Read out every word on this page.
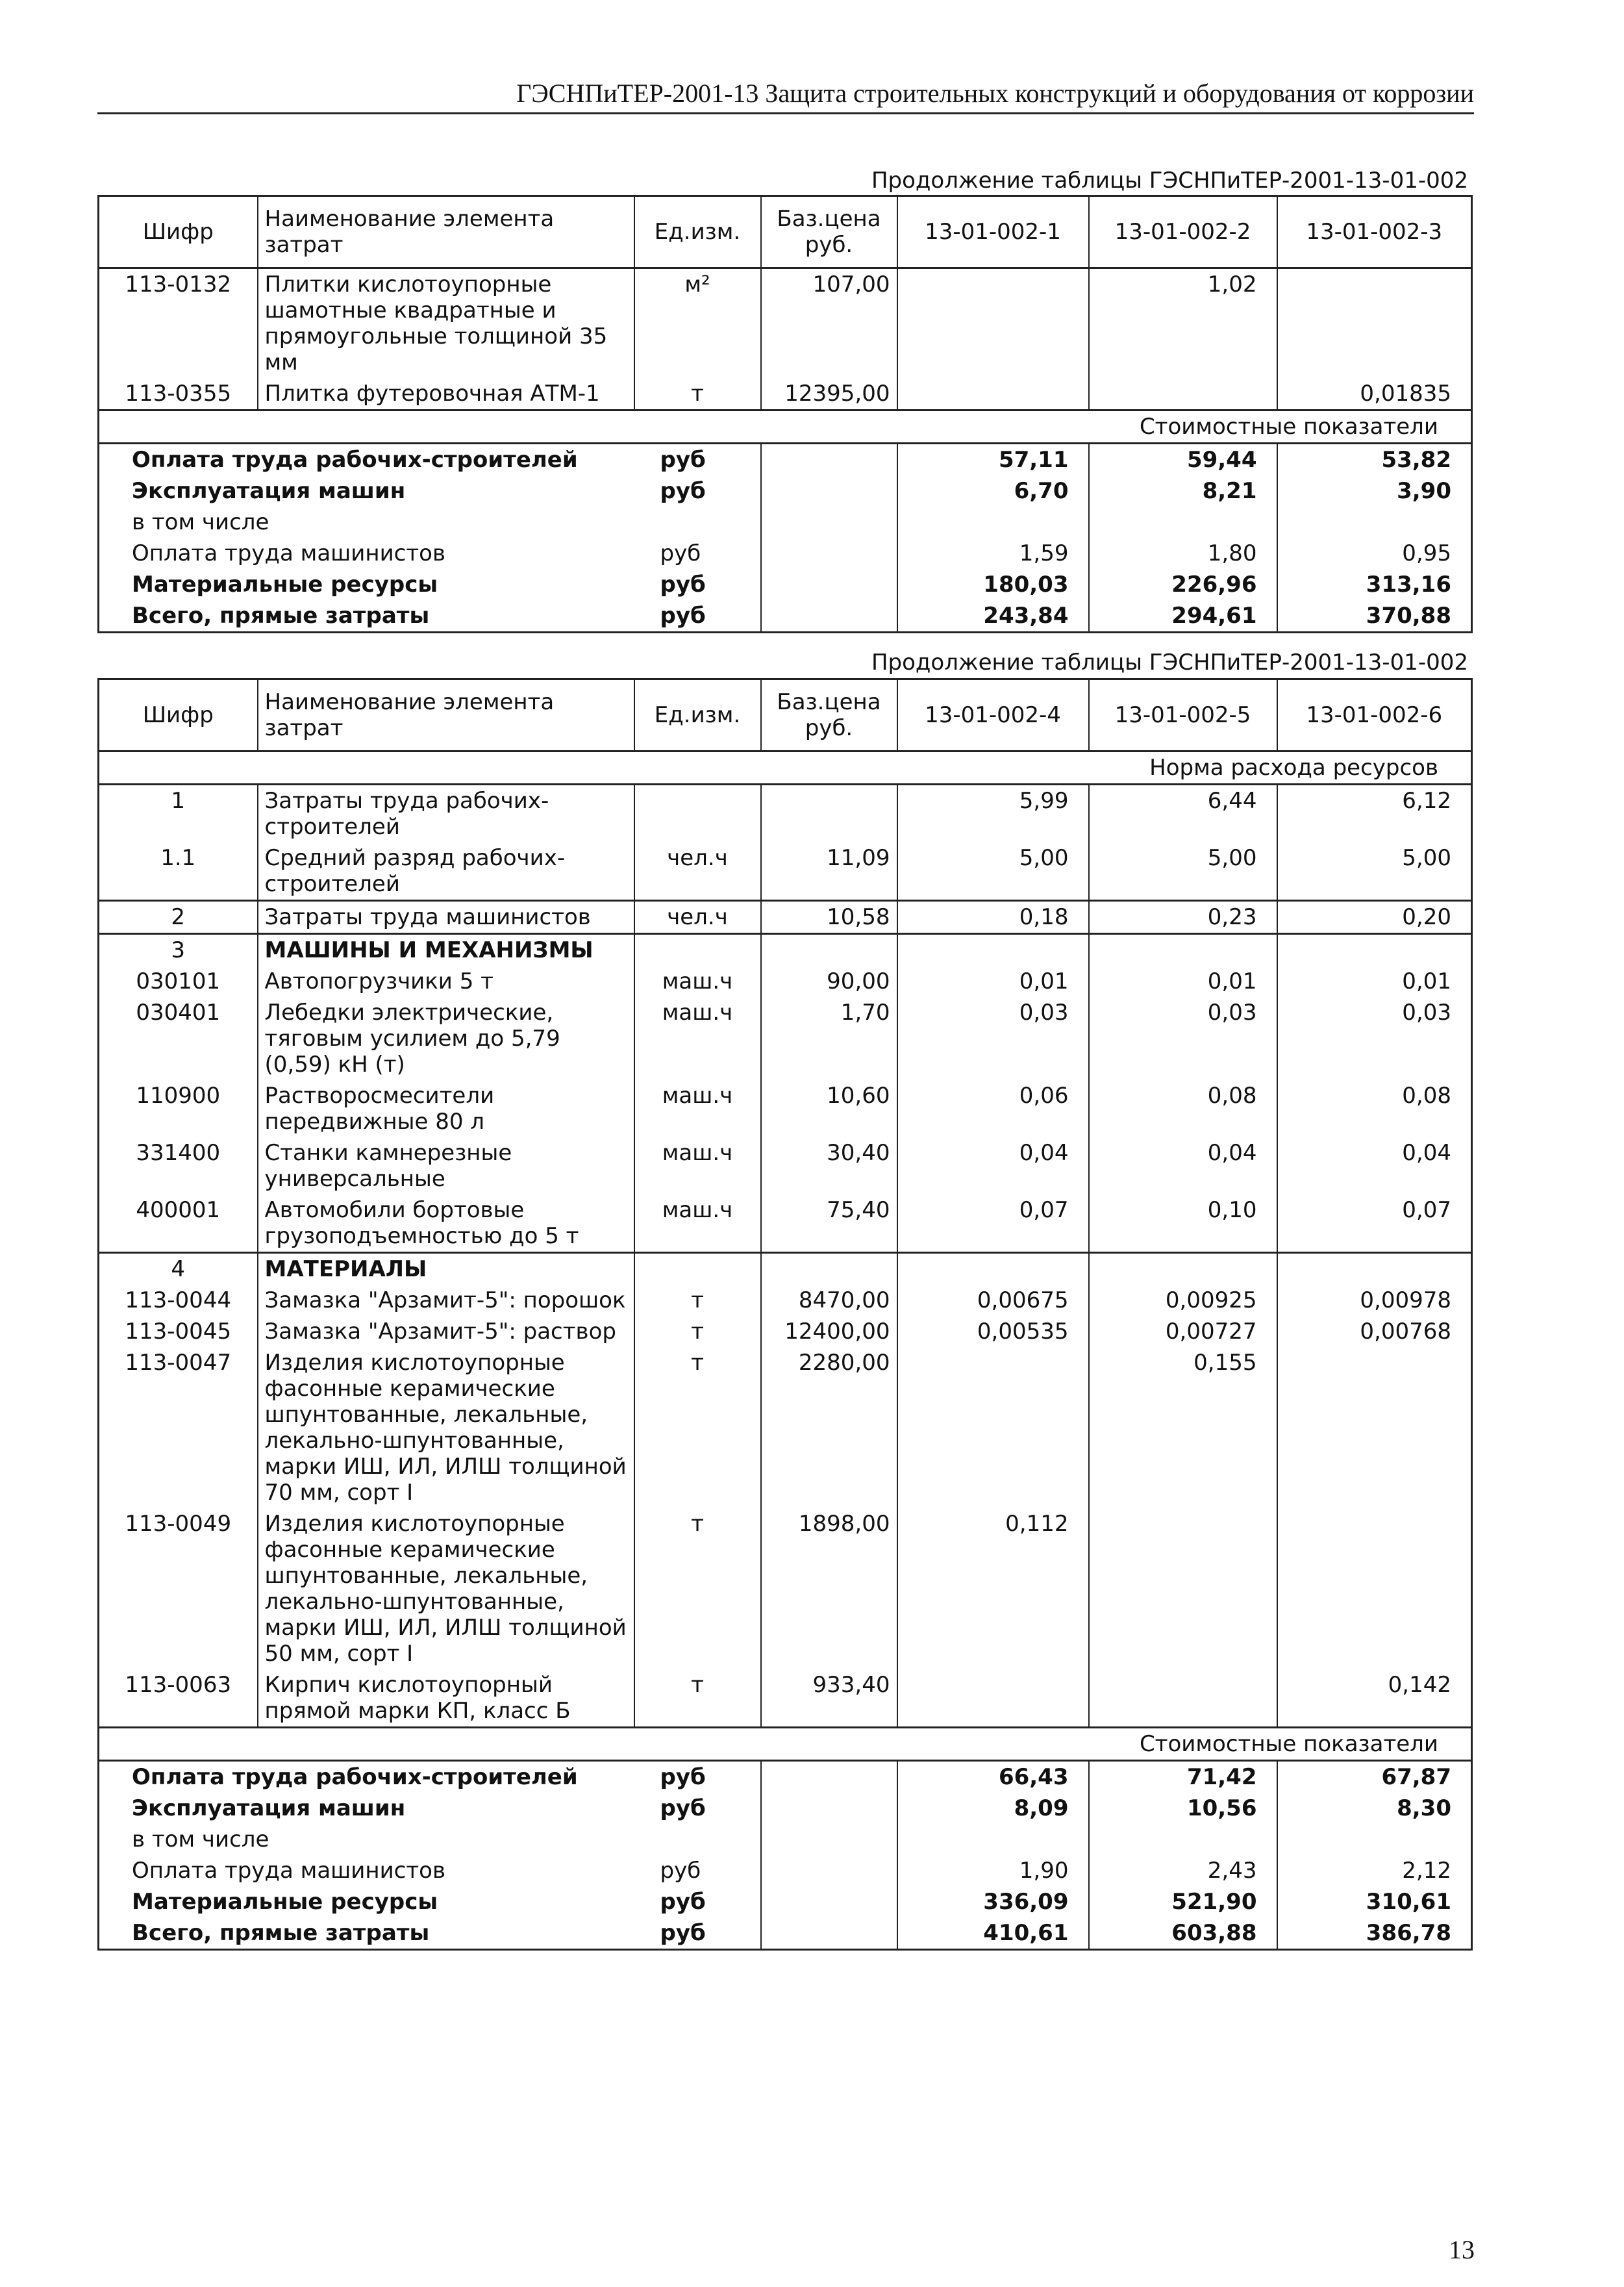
ГЭСНПиТЕР-2001-13 Защита строительных конструкций и оборудования от коррозии
Продолжение таблицы ГЭСНПиТЕР-2001-13-01-002
Шифр	Наименование элемента затрат	Ед.изм.	Баз.цена руб.	13-01-002-1	13-01-002-2	13-01-002-3
113-0132	Плитки кислотоупорные шамотные квадратные и прямоугольные толщиной 35 мм	м²	107,00		1,02	
113-0355	Плитка футеровочная АТМ-1	т	12395,00			0,01835
Стоимостные показатели						
Оплата труда рабочих-строителей		руб		57,11	59,44	53,82
Эксплуатация машин		руб		6,70	8,21	3,90
в том числе						
Оплата труда машинистов		руб		1,59	1,80	0,95
Материальные ресурсы		руб		180,03	226,96	313,16
Всего, прямые затраты		руб		243,84	294,61	370,88
Продолжение таблицы ГЭСНПиТЕР-2001-13-01-002
Шифр	Наименование элемента затрат	Ед.изм.	Баз.цена руб.	13-01-002-4	13-01-002-5	13-01-002-6
Норма расхода ресурсов						
1	Затраты труда рабочих-строителей			5,99	6,44	6,12
1.1	Средний разряд рабочих-строителей	чел.ч	11,09	5,00	5,00	5,00
2	Затраты труда машинистов	чел.ч	10,58	0,18	0,23	0,20
3	МАШИНЫ И МЕХАНИЗМЫ					
030101	Автопогрузчики 5 т	маш.ч	90,00	0,01	0,01	0,01
030401	Лебедки электрические, тяговым усилием до 5,79 (0,59) кН (т)	маш.ч	1,70	0,03	0,03	0,03
110900	Растворосмесители передвижные 80 л	маш.ч	10,60	0,06	0,08	0,08
331400	Станки камнерезные универсальные	маш.ч	30,40	0,04	0,04	0,04
400001	Автомобили бортовые грузоподъемностью до 5 т	маш.ч	75,40	0,07	0,10	0,07
4	МАТЕРИАЛЫ					
113-0044	Замазка "Арзамит-5": порошок	т	8470,00	0,00675	0,00925	0,00978
113-0045	Замазка "Арзамит-5": раствор	т	12400,00	0,00535	0,00727	0,00768
113-0047	Изделия кислотоупорные фасонные керамические шпунтованные, лекальные, лекально-шпунтованные, марки ИШ, ИЛ, ИЛШ толщиной 70 мм, сорт I	т	2280,00		0,155	
113-0049	Изделия кислотоупорные фасонные керамические шпунтованные, лекальные, лекально-шпунтованные, марки ИШ, ИЛ, ИЛШ толщиной 50 мм, сорт I	т	1898,00	0,112		
113-0063	Кирпич кислотоупорный прямой марки КП, класс Б	т	933,40			0,142
Стоимостные показатели						
Оплата труда рабочих-строителей		руб		66,43	71,42	67,87
Эксплуатация машин		руб		8,09	10,56	8,30
в том числе						
Оплата труда машинистов		руб		1,90	2,43	2,12
Материальные ресурсы		руб		336,09	521,90	310,61
Всего, прямые затраты		руб		410,61	603,88	386,78
13
